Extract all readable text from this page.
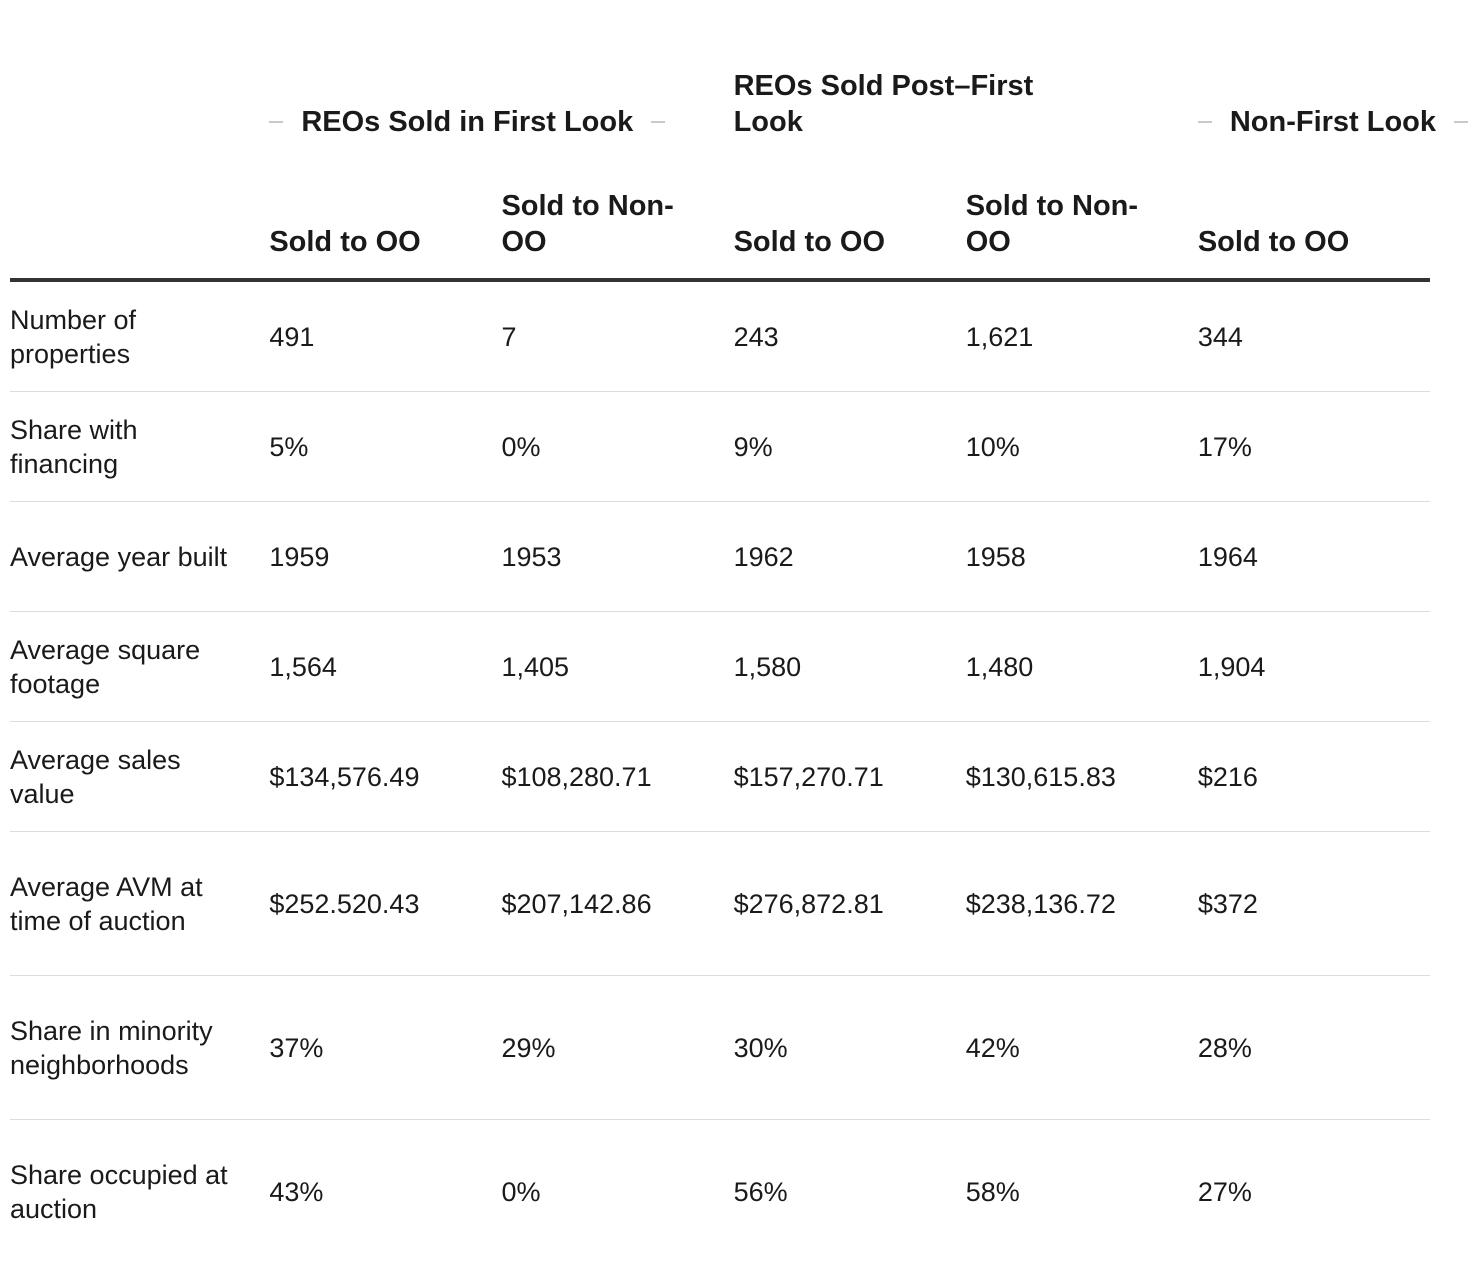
	REOs Sold in First Look		REOs Sold Post–First Look		Non-First Look

	Sold to OO	Sold to Non-OO	Sold to OO	Sold to Non-OO	Sold to OO

Number of properties	491	7	243	1,621	344
Share with financing	5%	0%	9%	10%	17%
Average year built	1959	1953	1962	1958	1964
Average square footage	1,564	1,405	1,580	1,480	1,904
Average sales value	$134,576.49	$108,280.71	$157,270.71	$130,615.83	$216
Average AVM at time of auction	$252.520.43	$207,142.86	$276,872.81	$238,136.72	$372
Share in minority neighborhoods	37%	29%	30%	42%	28%
Share occupied at auction	43%	0%	56%	58%	27%
